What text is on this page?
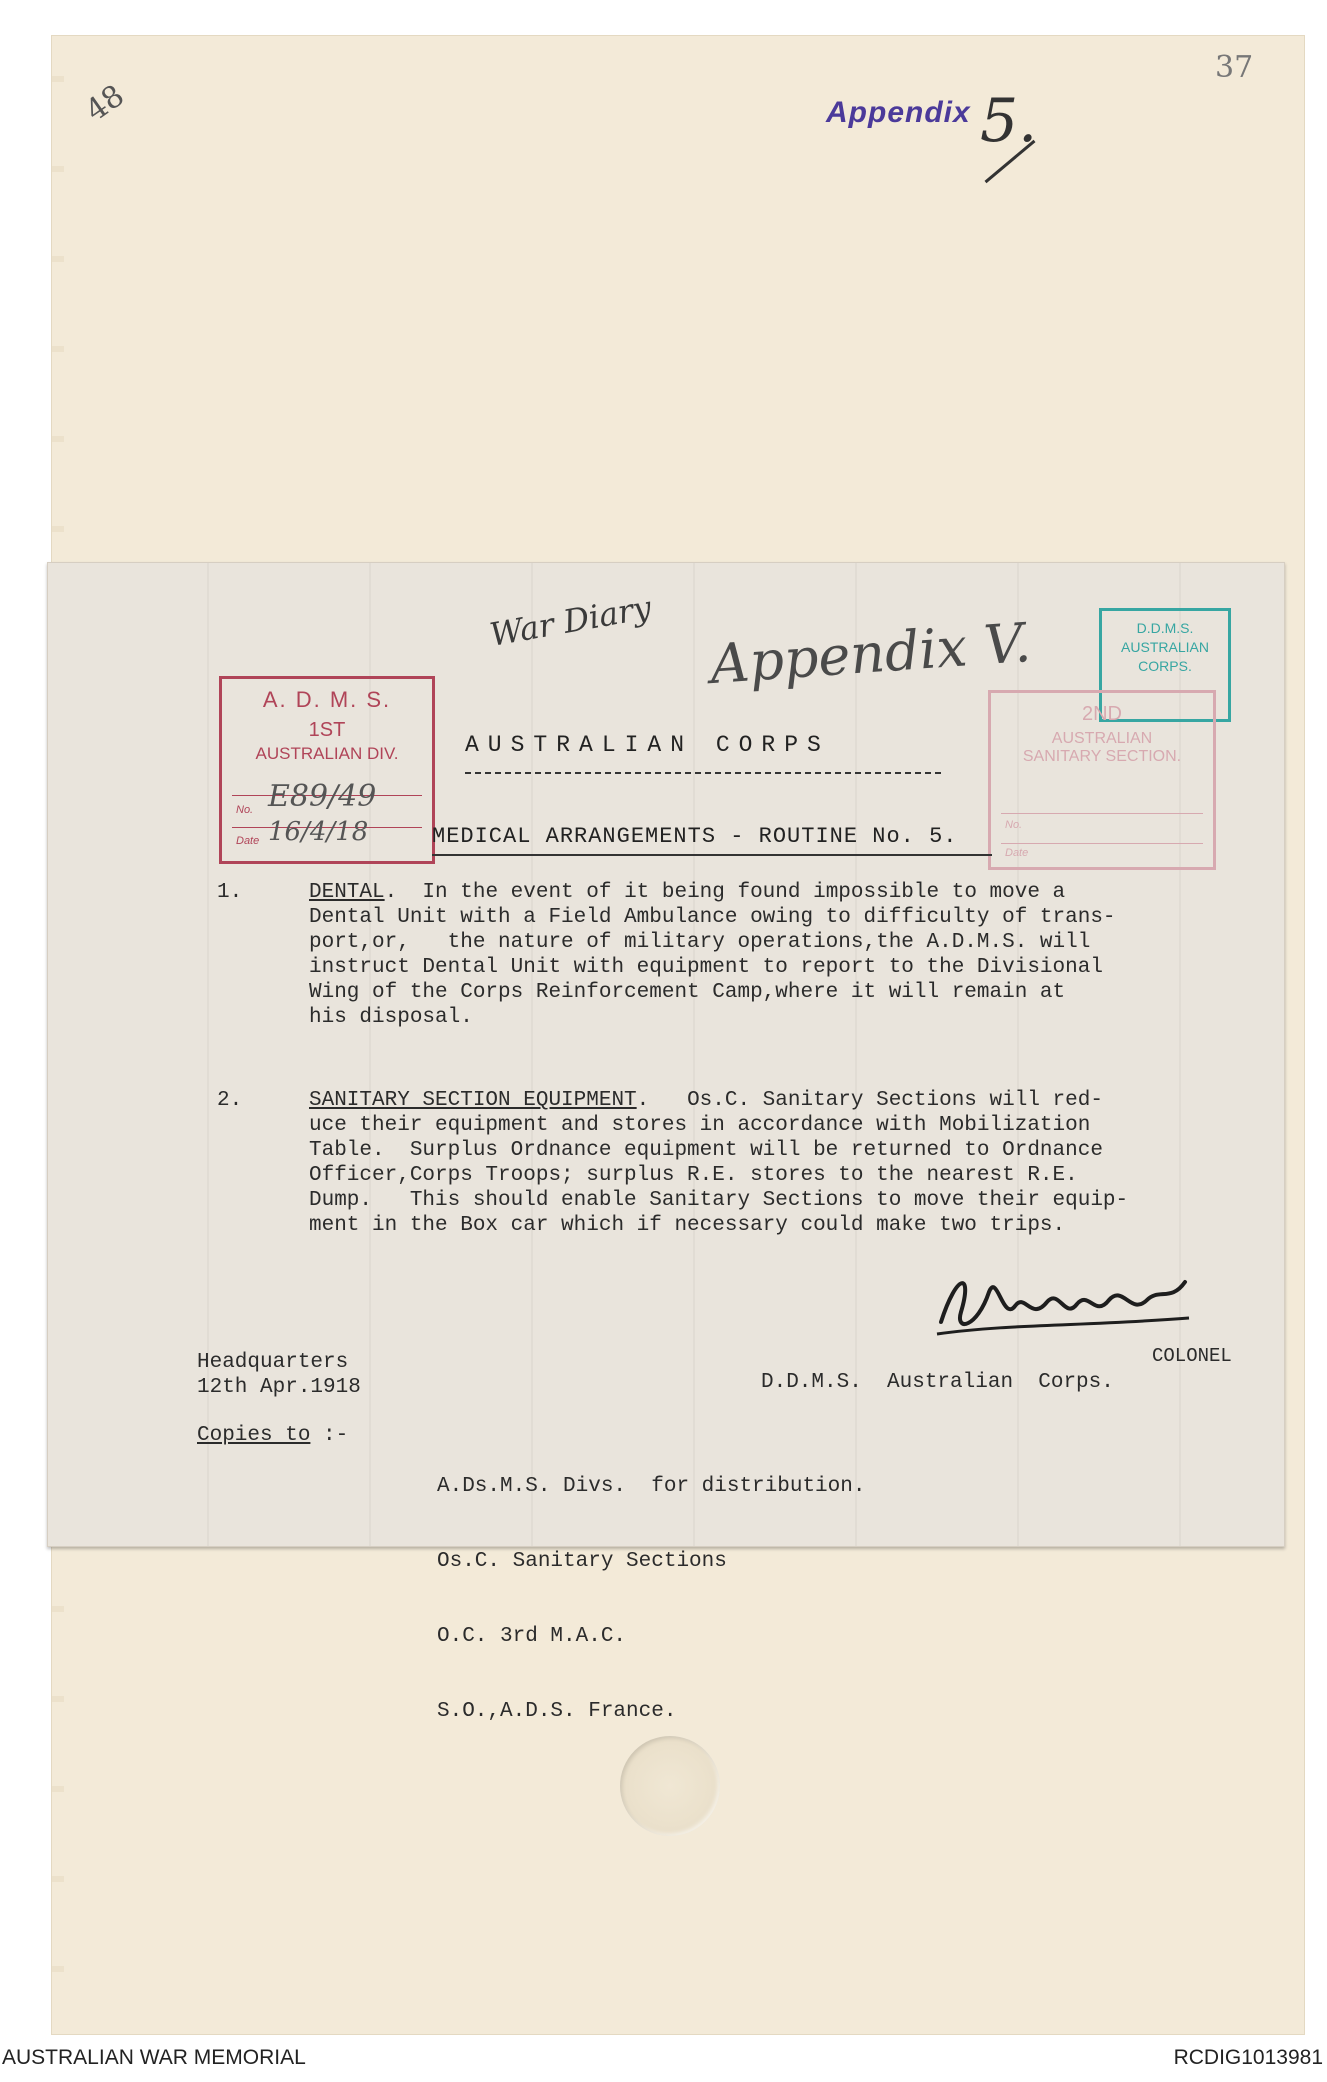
48
37
Appendix 5.
War Diary Appendix V.
A. D. M. S.
1ST
AUSTRALIAN DIV.
No. E89/49
Date 16/4/18
D.D.M.S.
AUSTRALIAN
CORPS.
2ND
AUSTRALIAN
SANITARY SECTION.
No.
Date
AUSTRALIAN CORPS
MEDICAL ARRANGEMENTS - ROUTINE No. 5.
1.	DENTAL.  In the event of it being found impossible to move a
Dental Unit with a Field Ambulance owing to difficulty of trans-
port,or,   the nature of military operations,the A.D.M.S. will
instruct Dental Unit with equipment to report to the Divisional
Wing of the Corps Reinforcement Camp,where it will remain at
his disposal.
2.	SANITARY SECTION EQUIPMENT.   Os.C. Sanitary Sections will red-
uce their equipment and stores in accordance with Mobilization
Table.  Surplus Ordnance equipment will be returned to Ordnance
Officer,Corps Troops; surplus R.E. stores to the nearest R.E.
Dump.   This should enable Sanitary Sections to move their equip-
ment in the Box car which if necessary could make two trips.
COLONEL
D.D.M.S.  Australian  Corps.
Headquarters
12th Apr.1918
Copies to :-

A.Ds.M.S. Divs.  for distribution.

Os.C. Sanitary Sections

O.C. 3rd M.A.C.

S.O.,A.D.S. France.

AUSTRALIAN WAR MEMORIAL	RCDIG1013981
